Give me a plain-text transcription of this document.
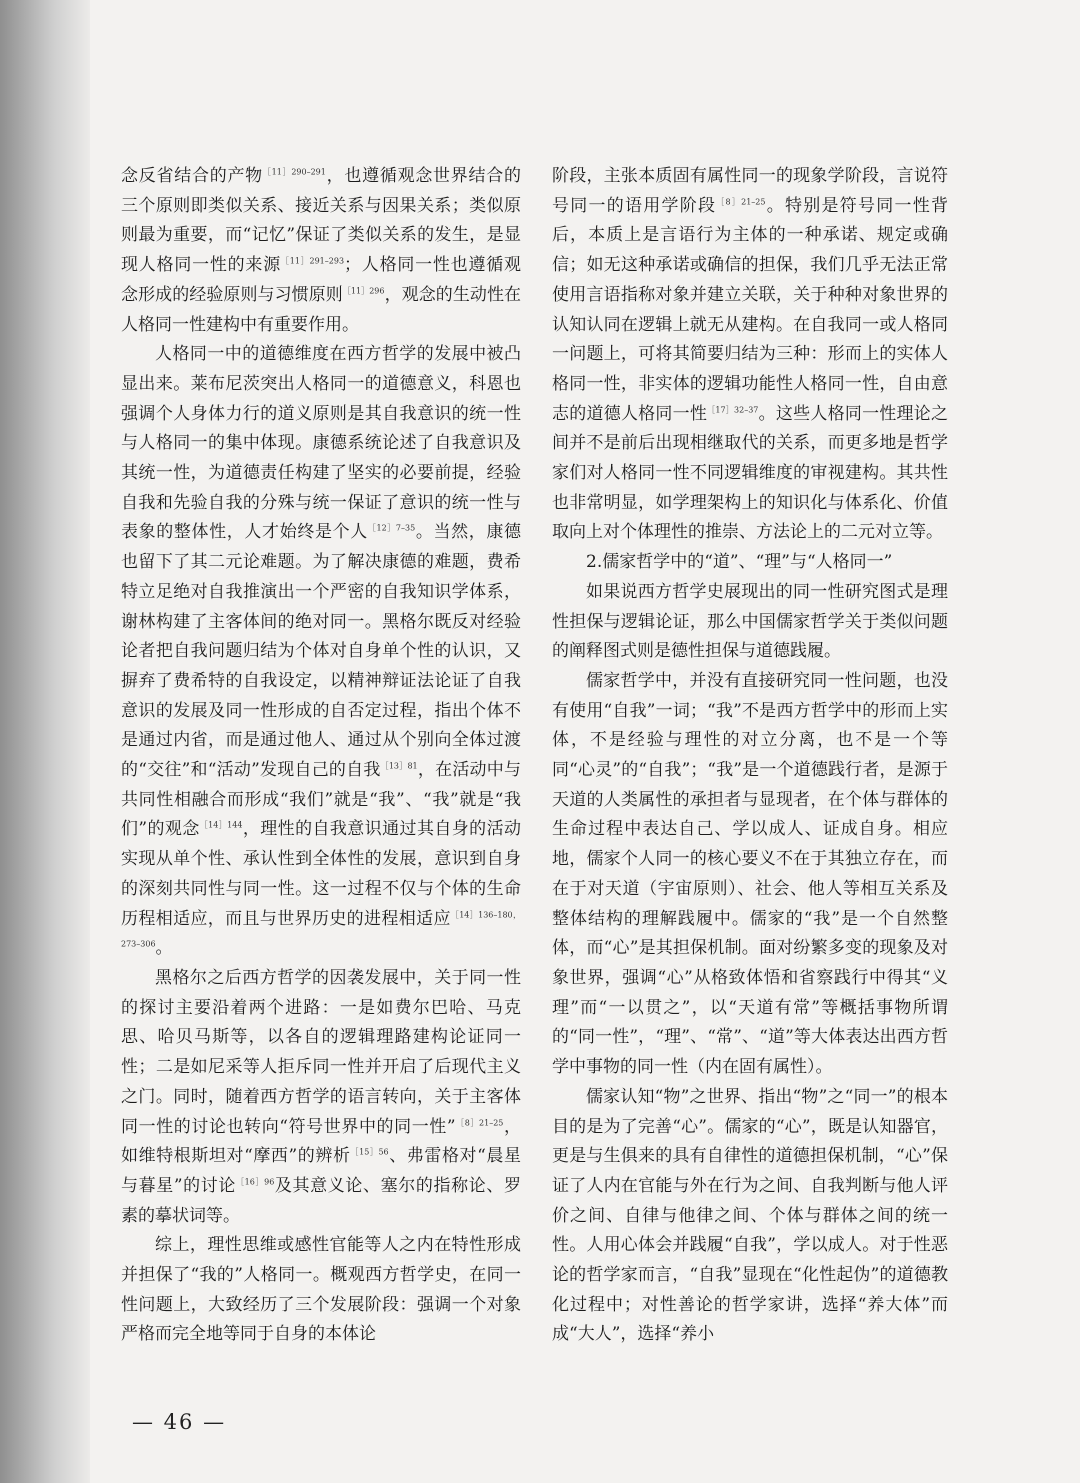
念反省结合的产物$^{[11]290-291}$，也遵循观念世界结合的三个原则即类似关系、接近关系与因果关系；类似原则最为重要，而“记忆”保证了类似关系的发生，是显现人格同一性的来源$^{[11]291-293}$；人格同一性也遵循观念形成的经验原则与习惯原则$^{[11]296}$，观念的生动性在人格同一性建构中有重要作用。

人格同一中的道德维度在西方哲学的发展中被凸显出来。莱布尼茨突出人格同一的道德意义，科恩也强调个人身体力行的道义原则是其自我意识的统一性与人格同一的集中体现。康德系统论述了自我意识及其统一性，为道德责任构建了坚实的必要前提，经验自我和先验自我的分殊与统一保证了意识的统一性与表象的整体性，人才始终是个人$^{[12]7-35}$。当然，康德也留下了其二元论难题。为了解决康德的难题，费希特立足绝对自我推演出一个严密的自我知识学体系，谢林构建了主客体间的绝对同一。黑格尔既反对经验论者把自我问题归结为个体对自身单个性的认识，又摒弃了费希特的自我设定，以精神辩证法论证了自我意识的发展及同一性形成的自否定过程，指出个体不是通过内省，而是通过他人、通过从个别向全体过渡的“交往”和“活动”发现自己的自我$^{[13]81}$，在活动中与共同性相融合而形成“我们”就是“我”、“我”就是“我们”的观念$^{[14]144}$，理性的自我意识通过其自身的活动实现从单个性、承认性到全体性的发展，意识到自身的深刻共同性与同一性。这一过程不仅与个体的生命历程相适应，而且与世界历史的进程相适应$^{[14]136-180,273-306}$。

黑格尔之后西方哲学的因袭发展中，关于同一性的探讨主要沿着两个进路：一是如费尔巴哈、马克思、哈贝马斯等，以各自的逻辑理路建构论证同一性；二是如尼采等人拒斥同一性并开启了后现代主义之门。同时，随着西方哲学的语言转向，关于主客体同一性的讨论也转向“符号世界中的同一性”$^{[8]21-25}$，如维特根斯坦对“摩西”的辨析$^{[15]56}$、弗雷格对“晨星与暮星”的讨论$^{[16]96}$及其意义论、塞尔的指称论、罗素的摹状词等。

综上，理性思维或感性官能等人之内在特性形成并担保了“我的”人格同一。概观西方哲学史，在同一性问题上，大致经历了三个发展阶段：强调一个对象严格而完全地等同于自身的本体论

阶段，主张本质固有属性同一的现象学阶段，言说符号同一的语用学阶段$^{[8]21-25}$。特别是符号同一性背后，本质上是言语行为主体的一种承诺、规定或确信；如无这种承诺或确信的担保，我们几乎无法正常使用言语指称对象并建立关联，关于种种对象世界的认知认同在逻辑上就无从建构。在自我同一或人格同一问题上，可将其简要归结为三种：形而上的实体人格同一性，非实体的逻辑功能性人格同一性，自由意志的道德人格同一性$^{[17]32-37}$。这些人格同一性理论之间并不是前后出现相继取代的关系，而更多地是哲学家们对人格同一性不同逻辑维度的审视建构。其共性也非常明显，如学理架构上的知识化与体系化、价值取向上对个体理性的推崇、方法论上的二元对立等。

2.儒家哲学中的“道”、“理”与“人格同一”

如果说西方哲学史展现出的同一性研究图式是理性担保与逻辑论证，那么中国儒家哲学关于类似问题的阐释图式则是德性担保与道德践履。

儒家哲学中，并没有直接研究同一性问题，也没有使用“自我”一词；“我”不是西方哲学中的形而上实体，不是经验与理性的对立分离，也不是一个等同“心灵”的“自我”；“我”是一个道德践行者，是源于天道的人类属性的承担者与显现者，在个体与群体的生命过程中表达自己、学以成人、证成自身。相应地，儒家个人同一的核心要义不在于其独立存在，而在于对天道（宇宙原则）、社会、他人等相互关系及整体结构的理解践履中。儒家的“我”是一个自然整体，而“心”是其担保机制。面对纷繁多变的现象及对象世界，强调“心”从格致体悟和省察践行中得其“义理”而“一以贯之”，以“天道有常”等概括事物所谓的“同一性”，“理”、“常”、“道”等大体表达出西方哲学中事物的同一性（内在固有属性）。

儒家认知“物”之世界、指出“物”之“同一”的根本目的是为了完善“心”。儒家的“心”，既是认知器官，更是与生俱来的具有自律性的道德担保机制，“心”保证了人内在官能与外在行为之间、自我判断与他人评价之间、自律与他律之间、个体与群体之间的统一性。人用心体会并践履“自我”，学以成人。对于性恶论的哲学家而言，“自我”显现在“化性起伪”的道德教化过程中；对性善论的哲学家讲，选择“养大体”而成“大人”，选择“养小

— 46 —
